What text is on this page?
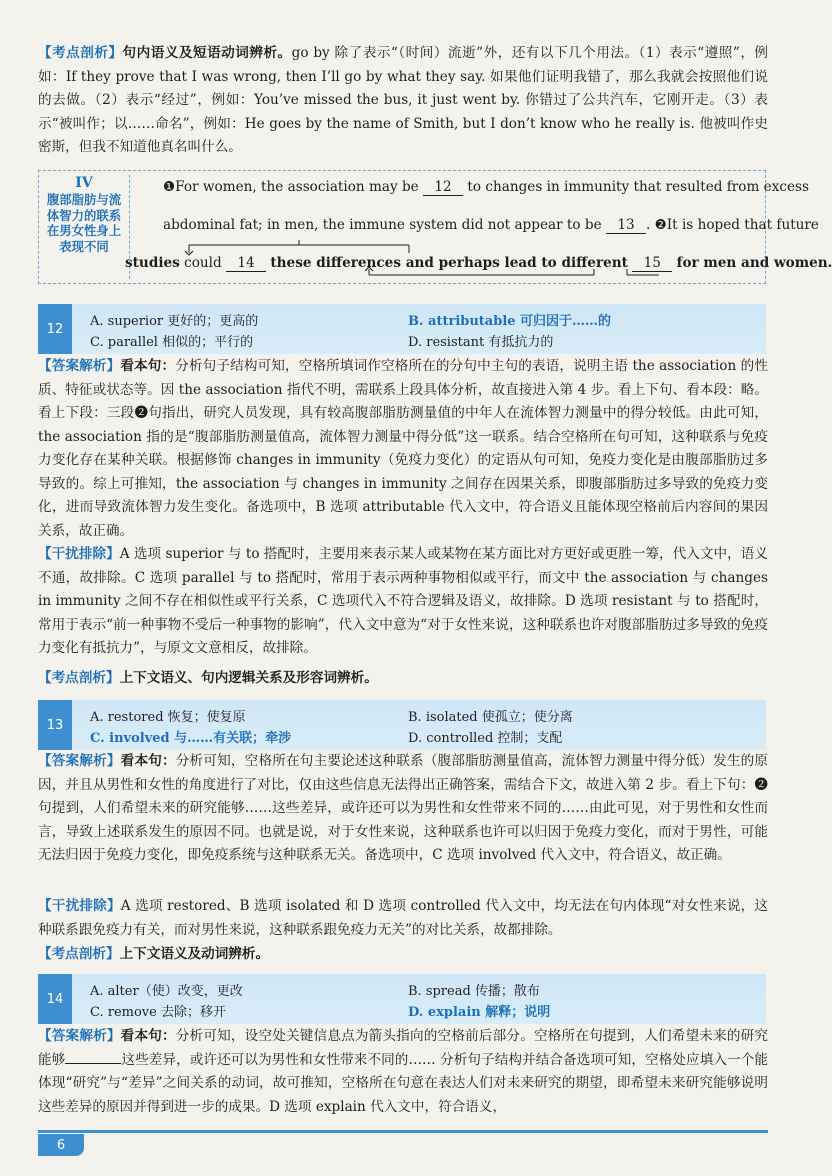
【考点剖析】句内语义及短语动词辨析。go by 除了表示“（时间）流逝”外，还有以下几个用法。（1）表示“遵照”，例如：If they prove that I was wrong, then I’ll go by what they say. 如果他们证明我错了，那么我就会按照他们说的去做。（2）表示“经过”，例如：You’ve missed the bus, it just went by. 你错过了公共汽车，它刚开走。（3）表示“被叫作；以……命名”，例如：He goes by the name of Smith, but I don’t know who he really is. 他被叫作史密斯，但我不知道他真名叫什么。

IV
腹部脂肪与流体智力的联系在男女性身上表现不同
❶For women, the association may be 12 to changes in immunity that resulted from excess
abdominal fat; in men, the immune system did not appear to be 13 . ❷It is hoped that future
studies could 14 these differences and perhaps lead to different 15 for men and women.
12	A. superior 更好的；更高的	B. attributable 可归因于……的
C. parallel 相似的；平行的	D. resistant 有抵抗力的

【答案解析】看本句：分析句子结构可知，空格所填词作空格所在的分句中主句的表语，说明主语 the association 的性质、特征或状态等。因 the association 指代不明，需联系上段具体分析，故直接进入第 4 步。看上下句、看本段：略。看上下段：三段❷句指出，研究人员发现，具有较高腹部脂肪测量值的中年人在流体智力测量中的得分较低。由此可知，the association 指的是“腹部脂肪测量值高，流体智力测量中得分低”这一联系。结合空格所在句可知，这种联系与免疫力变化存在某种关联。根据修饰 changes in immunity（免疫力变化）的定语从句可知，免疫力变化是由腹部脂肪过多导致的。综上可推知，the association 与 changes in immunity 之间存在因果关系，即腹部脂肪过多导致的免疫力变化，进而导致流体智力发生变化。备选项中，B 选项 attributable 代入文中，符合语义且能体现空格前后内容间的果因关系，故正确。

【干扰排除】A 选项 superior 与 to 搭配时，主要用来表示某人或某物在某方面比对方更好或更胜一筹，代入文中，语义不通，故排除。C 选项 parallel 与 to 搭配时，常用于表示两种事物相似或平行，而文中 the association 与 changes in immunity 之间不存在相似性或平行关系，C 选项代入不符合逻辑及语义，故排除。D 选项 resistant 与 to 搭配时，常用于表示“前一种事物不受后一种事物的影响”，代入文中意为“对于女性来说，这种联系也许对腹部脂肪过多导致的免疫力变化有抵抗力”，与原文文意相反，故排除。

【考点剖析】上下文语义、句内逻辑关系及形容词辨析。

13	A. restored 恢复；使复原	B. isolated 使孤立；使分离
C. involved 与……有关联；牵涉	D. controlled 控制；支配

【答案解析】看本句：分析可知，空格所在句主要论述这种联系（腹部脂肪测量值高，流体智力测量中得分低）发生的原因，并且从男性和女性的角度进行了对比，仅由这些信息无法得出正确答案，需结合下文，故进入第 2 步。看上下句：❷句提到，人们希望未来的研究能够……这些差异，或许还可以为男性和女性带来不同的……由此可见，对于男性和女性而言，导致上述联系发生的原因不同。也就是说，对于女性来说，这种联系也许可以归因于免疫力变化，而对于男性，可能无法归因于免疫力变化，即免疫系统与这种联系无关。备选项中，C 选项 involved 代入文中，符合语义，故正确。

【干扰排除】A 选项 restored、B 选项 isolated 和 D 选项 controlled 代入文中，均无法在句内体现“对女性来说，这种联系跟免疫力有关，而对男性来说，这种联系跟免疫力无关”的对比关系，故都排除。

【考点剖析】上下文语义及动词辨析。

14	A. alter（使）改变，更改	B. spread 传播；散布
C. remove 去除；移开	D. explain 解释；说明

【答案解析】看本句：分析可知，设空处关键信息点为箭头指向的空格前后部分。空格所在句提到，人们希望未来的研究能够	这些差异，或许还可以为男性和女性带来不同的…… 分析句子结构并结合备选项可知，空格处应填入一个能体现“研究”与“差异”之间关系的动词，故可推知，空格所在句意在表达人们对未来研究的期望，即希望未来研究能够说明这些差异的原因并得到进一步的成果。D 选项 explain 代入文中，符合语义，

6
